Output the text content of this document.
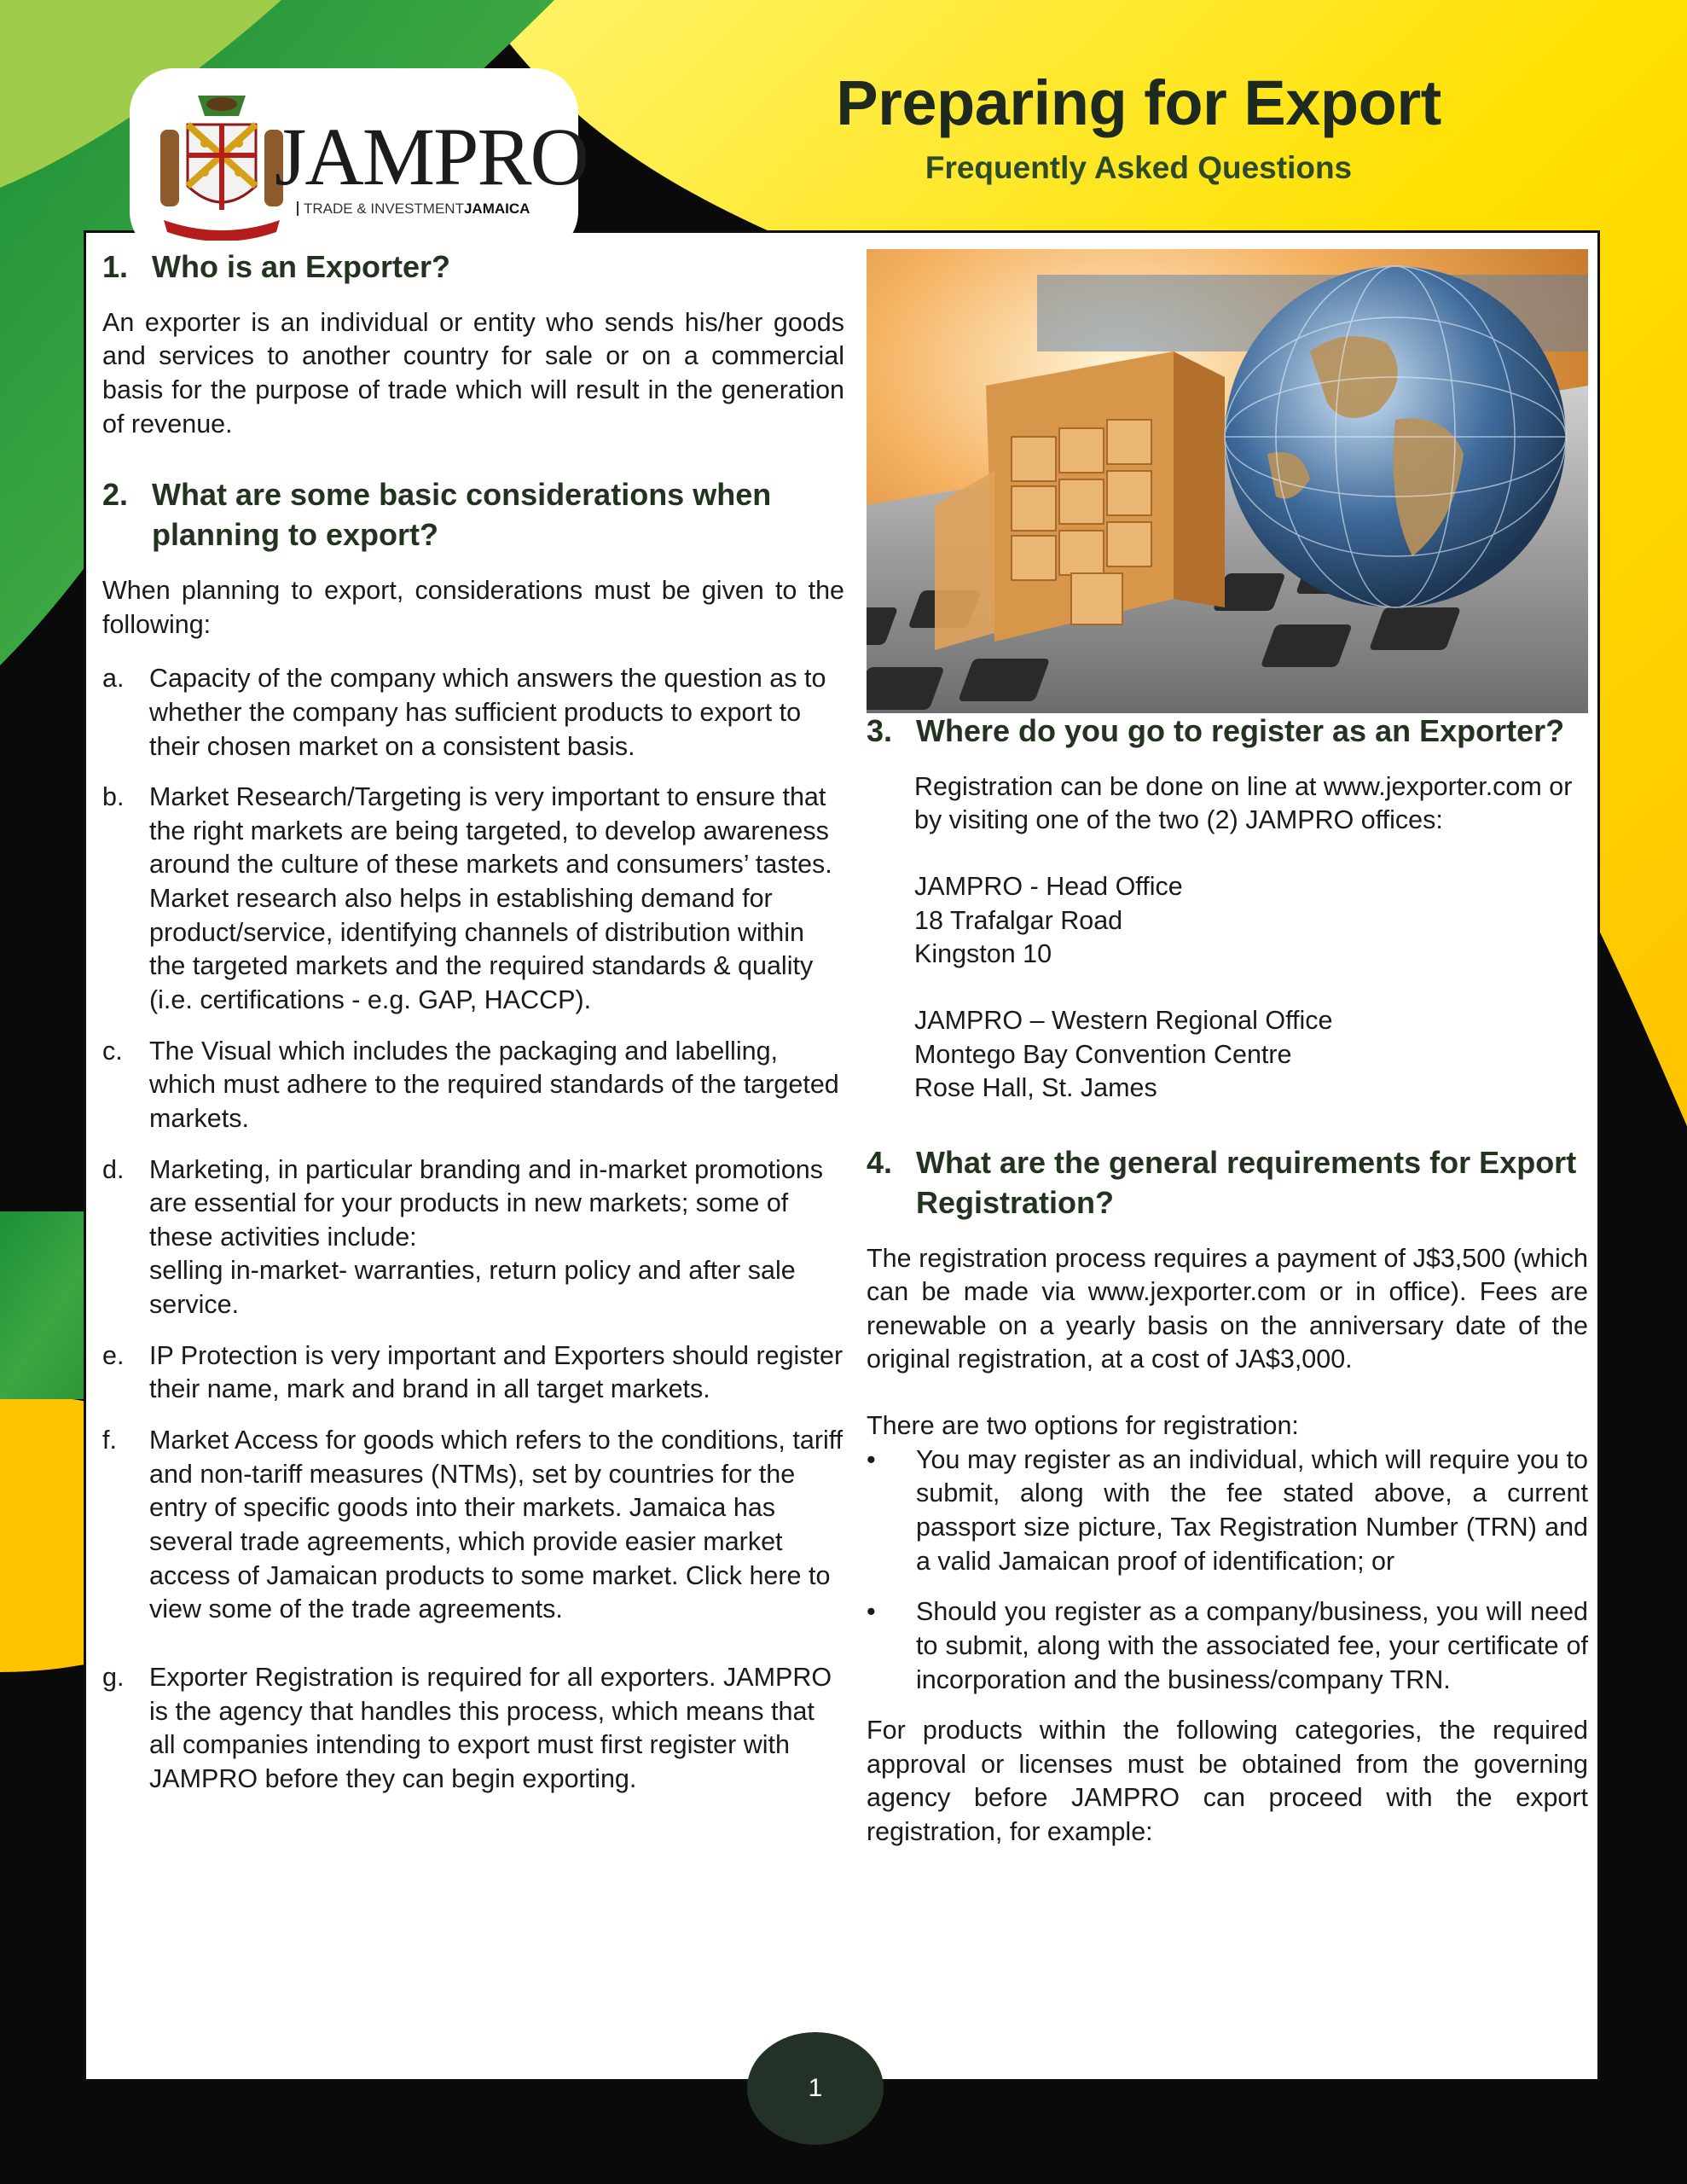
JAMPRO
TRADE & INVESTMENTJAMAICA
Preparing for Export
Frequently Asked Questions
1. Who is an Exporter?

An exporter is an individual or entity who sends his/her goods and services to another country for sale or on a commercial basis for the purpose of trade which will result in the generation of revenue.

2. What are some basic considerations when planning to export?

When planning to export, considerations must be given to the following:

a. Capacity of the company which answers the question as to whether the company has sufficient products to export to their chosen market on a consistent basis.
b. Market Research/Targeting is very important to ensure that the right markets are being targeted, to develop awareness around the culture of these markets and consumers’ tastes. Market research also helps in establishing demand for product/service, identifying channels of distribution within the targeted markets and the required standards & quality (i.e. certifications - e.g. GAP, HACCP).
c.	The Visual which includes the packaging and labelling, which must adhere to the required standards of the targeted markets.
d. Marketing, in particular branding and in-market promotions are essential for your products in new markets; some of these activities include:
selling in-market- warranties, return policy and after sale service.
e. IP Protection is very important and Exporters should register their name, mark and brand in all target markets.
f.	Market Access for goods which refers to the conditions, tariff and non-tariff measures (NTMs), set by countries for the entry of specific goods into their markets. Jamaica has several trade agreements, which provide easier market access of Jamaican products to some market. Click here to view some of the trade agreements.
g. Exporter Registration is required for all exporters. JAMPRO is the agency that handles this process, which means that all companies intending to export must first register with JAMPRO before they can begin exporting.
3. Where do you go to register as an Exporter?

Registration can be done on line at www.jexporter.com or by visiting one of the two (2) JAMPRO offices:

JAMPRO - Head Office
18 Trafalgar Road
Kingston 10
JAMPRO – Western Regional Office
Montego Bay Convention Centre
Rose Hall, St. James
4. What are the general requirements for Export Registration?

The registration process requires a payment of J$3,500 (which can be made via www.jexporter.com or in office). Fees are renewable on a yearly basis on the anniversary date of the original registration, at a cost of JA$3,000.

There are two options for registration:

•	You may register as an individual, which will require you to submit, along with the fee stated above, a current passport size picture, Tax Registration Number (TRN) and a valid Jamaican proof of identification; or
•	Should you register as a company/business, you will need to submit, along with the associated fee, your certificate of incorporation and the business/company TRN.

For products within the following categories, the required approval or licenses must be obtained from the governing agency before JAMPRO can proceed with the export registration, for example:

1
